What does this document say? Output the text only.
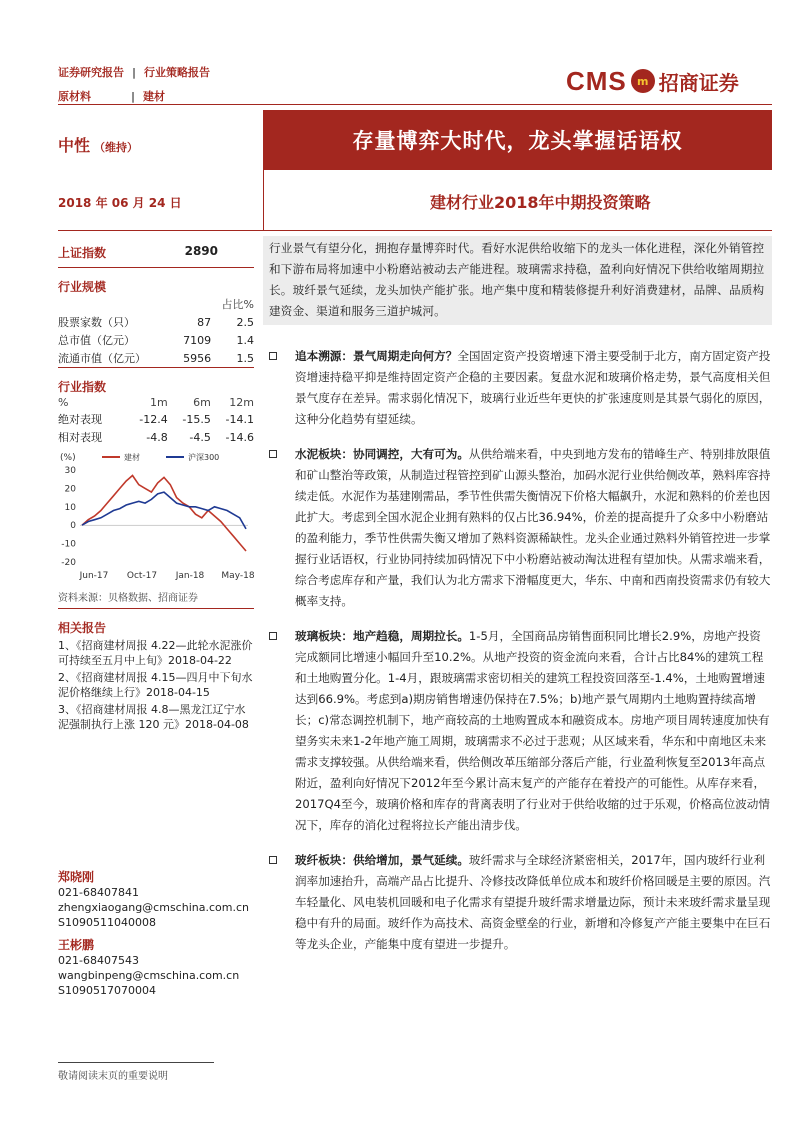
证券研究报告 | 行业策略报告
原材料	| 建材
CMS m 招商证券
中性 （维持）	存量博弈大时代，龙头掌握话语权
2018 年 06 月 24 日	建材行业2018年中期投资策略
上证指数	2890
行业规模
		占比%
股票家数（只）	87	2.5
总市值（亿元）	7109	1.4
流通市值（亿元）	5956	1.5
行业指数
%	1m	6m	12m
绝对表现	-12.4	-15.5	-14.1
相对表现	-4.8	-4.5	-14.6
(%)	建材	沪深300
30
20
10
0
-10
-20
Jun-17 Oct-17 Jan-18 May-18
资料来源：贝格数据、招商证券
相关报告
1、《招商建材周报 4.22—此轮水泥涨价可持续至五月中上旬》2018-04-22
2、《招商建材周报 4.15—四月中下旬水泥价格继续上行》2018-04-15
3、《招商建材周报 4.8—黑龙江辽宁水泥强制执行上涨 120 元》2018-04-08
郑晓刚
021-68407841
zhengxiaogang@cmschina.com.cn
S1090511040008
王彬鹏
021-68407543
wangbinpeng@cmschina.com.cn
S1090517070004
敬请阅读末页的重要说明
行业景气有望分化，拥抱存量博弈时代。看好水泥供给收缩下的龙头一体化进程，深化外销管控和下游布局将加速中小粉磨站被动去产能进程。玻璃需求持稳，盈利向好情况下供给收缩周期拉长。玻纤景气延续，龙头加快产能扩张。地产集中度和精装修提升利好消费建材，品牌、品质构建资金、渠道和服务三道护城河。
追本溯源：景气周期走向何方？全国固定资产投资增速下滑主要受制于北方，南方固定资产投资增速持稳平抑是维持固定资产企稳的主要因素。复盘水泥和玻璃价格走势，景气高度相关但景气度存在差异。需求弱化情况下，玻璃行业近些年更快的扩张速度则是其景气弱化的原因，这种分化趋势有望延续。
水泥板块：协同调控，大有可为。从供给端来看，中央到地方发布的错峰生产、特别排放限值和矿山整治等政策，从制造过程管控到矿山源头整治，加码水泥行业供给侧改革，熟料库容持续走低。水泥作为基建刚需品，季节性供需失衡情况下价格大幅飙升，水泥和熟料的价差也因此扩大。考虑到全国水泥企业拥有熟料的仅占比36.94%，价差的提高提升了众多中小粉磨站的盈利能力，季节性供需失衡又增加了熟料资源稀缺性。龙头企业通过熟料外销管控进一步掌握行业话语权，行业协同持续加码情况下中小粉磨站被动淘汰进程有望加快。从需求端来看，综合考虑库存和产量，我们认为北方需求下滑幅度更大，华东、中南和西南投资需求仍有较大概率支持。
玻璃板块：地产趋稳，周期拉长。1-5月，全国商品房销售面积同比增长2.9%，房地产投资完成额同比增速小幅回升至10.2%。从地产投资的资金流向来看，合计占比84%的建筑工程和土地购置分化。1-4月，跟玻璃需求密切相关的建筑工程投资回落至-1.4%，土地购置增速达到66.9%。考虑到a)期房销售增速仍保持在7.5%；b)地产景气周期内土地购置持续高增长；c)常态调控机制下，地产商较高的土地购置成本和融资成本。房地产项目周转速度加快有望务实未来1-2年地产施工周期，玻璃需求不必过于悲观；从区域来看，华东和中南地区未来需求支撑较强。从供给端来看，供给侧改革压缩部分落后产能，行业盈利恢复至2013年高点附近，盈利向好情况下2012年至今累计高末复产的产能存在着投产的可能性。从库存来看，2017Q4至今，玻璃价格和库存的背离表明了行业对于供给收缩的过于乐观，价格高位波动情况下，库存的消化过程将拉长产能出清步伐。
玻纤板块：供给增加，景气延续。玻纤需求与全球经济紧密相关，2017年，国内玻纤行业利润率加速抬升，高端产品占比提升、冷修技改降低单位成本和玻纤价格回暖是主要的原因。汽车轻量化、风电装机回暖和电子化需求有望提升玻纤需求增量边际，预计未来玻纤需求量呈现稳中有升的局面。玻纤作为高技术、高资金壁垒的行业，新增和冷修复产产能主要集中在巨石等龙头企业，产能集中度有望进一步提升。
